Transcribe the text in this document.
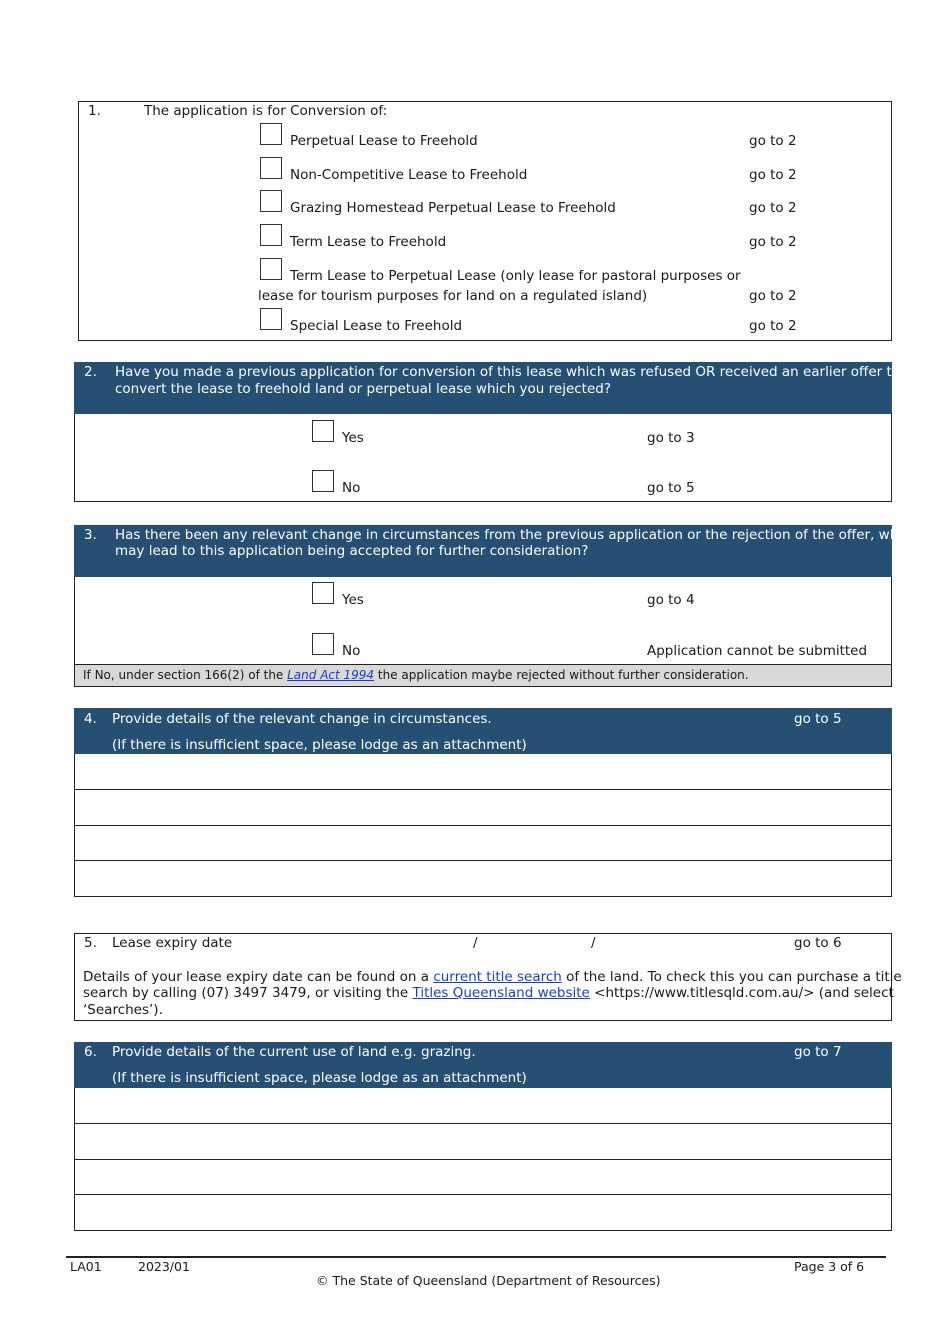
1.	The application is for Conversion of:
Perpetual Lease to Freehold	go to 2
Non-Competitive Lease to Freehold	go to 2
Grazing Homestead Perpetual Lease to Freehold	go to 2
Term Lease to Freehold	go to 2
Term Lease to Perpetual Lease (only lease for pastoral purposes or
lease for tourism purposes for land on a regulated island)	go to 2
Special Lease to Freehold	go to 2
2. Have you made a previous application for conversion of this lease which was refused OR received an earlier offer to
convert the lease to freehold land or perpetual lease which you rejected?
Yes	go to 3
No	go to 5
3. Has there been any relevant change in circumstances from the previous application or the rejection of the offer, which
may lead to this application being accepted for further consideration?
Yes	go to 4
No	Application cannot be submitted
If No, under section 166(2) of the Land Act 1994 the application maybe rejected without further consideration.
4. Provide details of the relevant change in circumstances.	go to 5
(If there is insufficient space, please lodge as an attachment)
5. Lease expiry date	/	/	go to 6
Details of your lease expiry date can be found on a current title search of the land. To check this you can purchase a title
search by calling (07) 3497 3479, or visiting the Titles Queensland website <https://www.titlesqld.com.au/> (and select
‘Searches’).
6. Provide details of the current use of land e.g. grazing.	go to 7
(If there is insufficient space, please lodge as an attachment)
LA01	2023/01	Page 3 of 6
© The State of Queensland (Department of Resources)
